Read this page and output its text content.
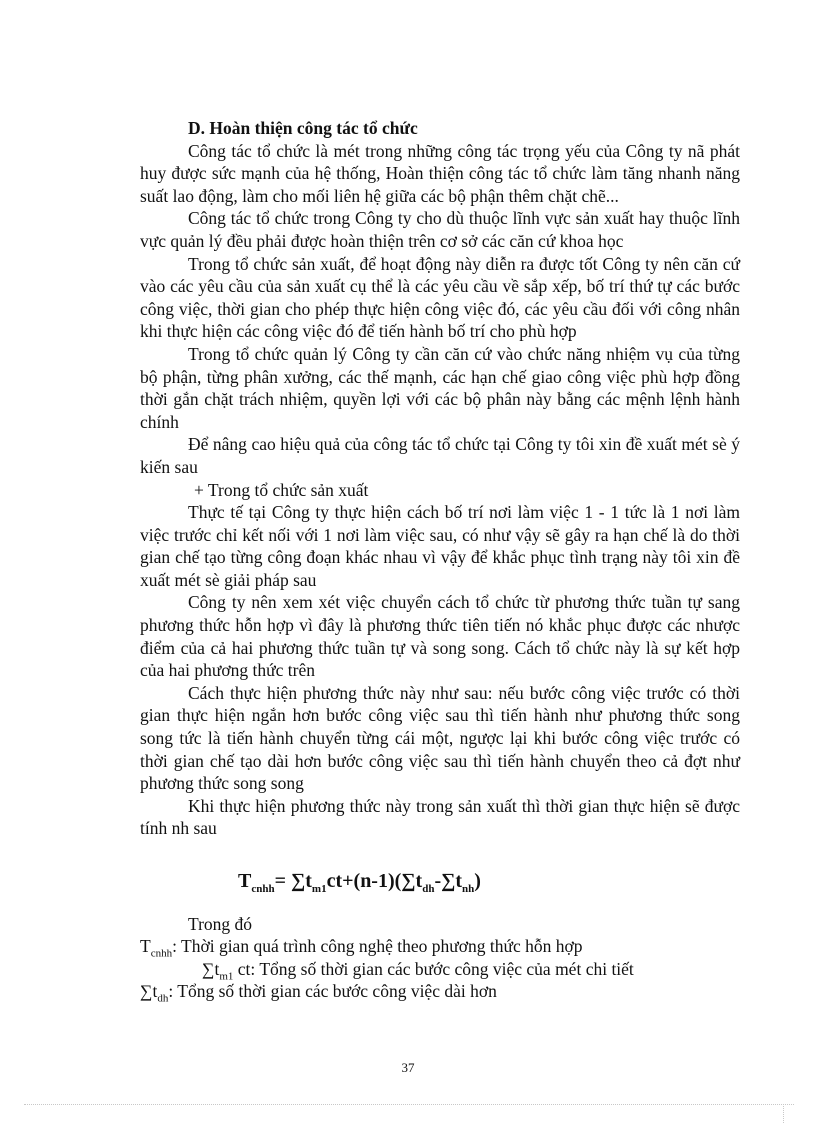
D. Hoàn thiện công tác tổ chức

Công tác tổ chức là mét trong những công tác trọng yếu của Công ty nã phát huy được sức mạnh của hệ thống, Hoàn thiện công tác tổ chức làm tăng nhanh năng suất lao động, làm cho mối liên hệ giữa các bộ phận thêm chặt chẽ...

Công tác tổ chức trong Công ty cho dù thuộc lĩnh vực sản xuất hay thuộc lĩnh vực quản lý đều phải được hoàn thiện trên cơ sở các căn cứ khoa học

Trong tổ chức sản xuất, để hoạt động này diễn ra được tốt Công ty nên căn cứ vào các yêu cầu của sản xuất cụ thể là các yêu cầu về sắp xếp, bố trí thứ tự các bước công việc, thời gian cho phép thực hiện công việc đó, các yêu cầu đối với công nhân khi thực hiện các công việc đó để tiến hành bố trí cho phù hợp

Trong tổ chức quản lý Công ty cần căn cứ vào chức năng nhiệm vụ của từng bộ phận, từng phân xưởng, các thế mạnh, các hạn chế giao công việc phù hợp đồng thời gắn chặt trách nhiệm, quyền lợi với các bộ phân này bằng các mệnh lệnh hành chính

Để nâng cao hiệu quả của công tác tổ chức tại Công ty tôi xin đề xuất mét sè ý kiến sau

+ Trong tổ chức sản xuất

Thực tế tại Công ty thực hiện cách bố trí nơi làm việc 1 - 1 tức là 1 nơi làm việc trước chỉ kết nối với 1 nơi làm việc sau, có như vậy sẽ gây ra hạn chế là do thời gian chế tạo từng công đoạn khác nhau vì vậy để khắc phục tình trạng này tôi xin đề xuất mét sè giải pháp sau

Công ty nên xem xét việc chuyển cách tổ chức từ phương thức tuần tự sang phương thức hỗn hợp vì đây là phương thức tiên tiến nó khắc phục được các nhược điểm của cả hai phương thức tuần tự và song song. Cách tổ chức này là sự kết hợp của hai phương thức trên

Cách thực hiện phương thức này như sau: nếu bước công việc trước có thời gian thực hiện ngắn hơn bước công việc sau thì tiến hành như phương thức song song tức là tiến hành chuyển từng cái một, ngược lại khi bước công việc trước có thời gian chế tạo dài hơn bước công việc sau thì tiến hành chuyển theo cả đợt như phương thức song song

Khi thực hiện phương thức này trong sản xuất thì thời gian thực hiện sẽ được tính nh sau

$T_{cnhh}= \sum t_{m1}ct+(n-1)(\sum t_{dh}-\sum t_{nh})$

Trong đó

$T_{cnhh}$: Thời gian quá trình công nghệ theo phương thức hỗn hợp

$\sum t_{m1}$ ct: Tổng số thời gian các bước công việc của mét chi tiết

$\sum t_{dh}$: Tổng số thời gian các bước công việc dài hơn

37
